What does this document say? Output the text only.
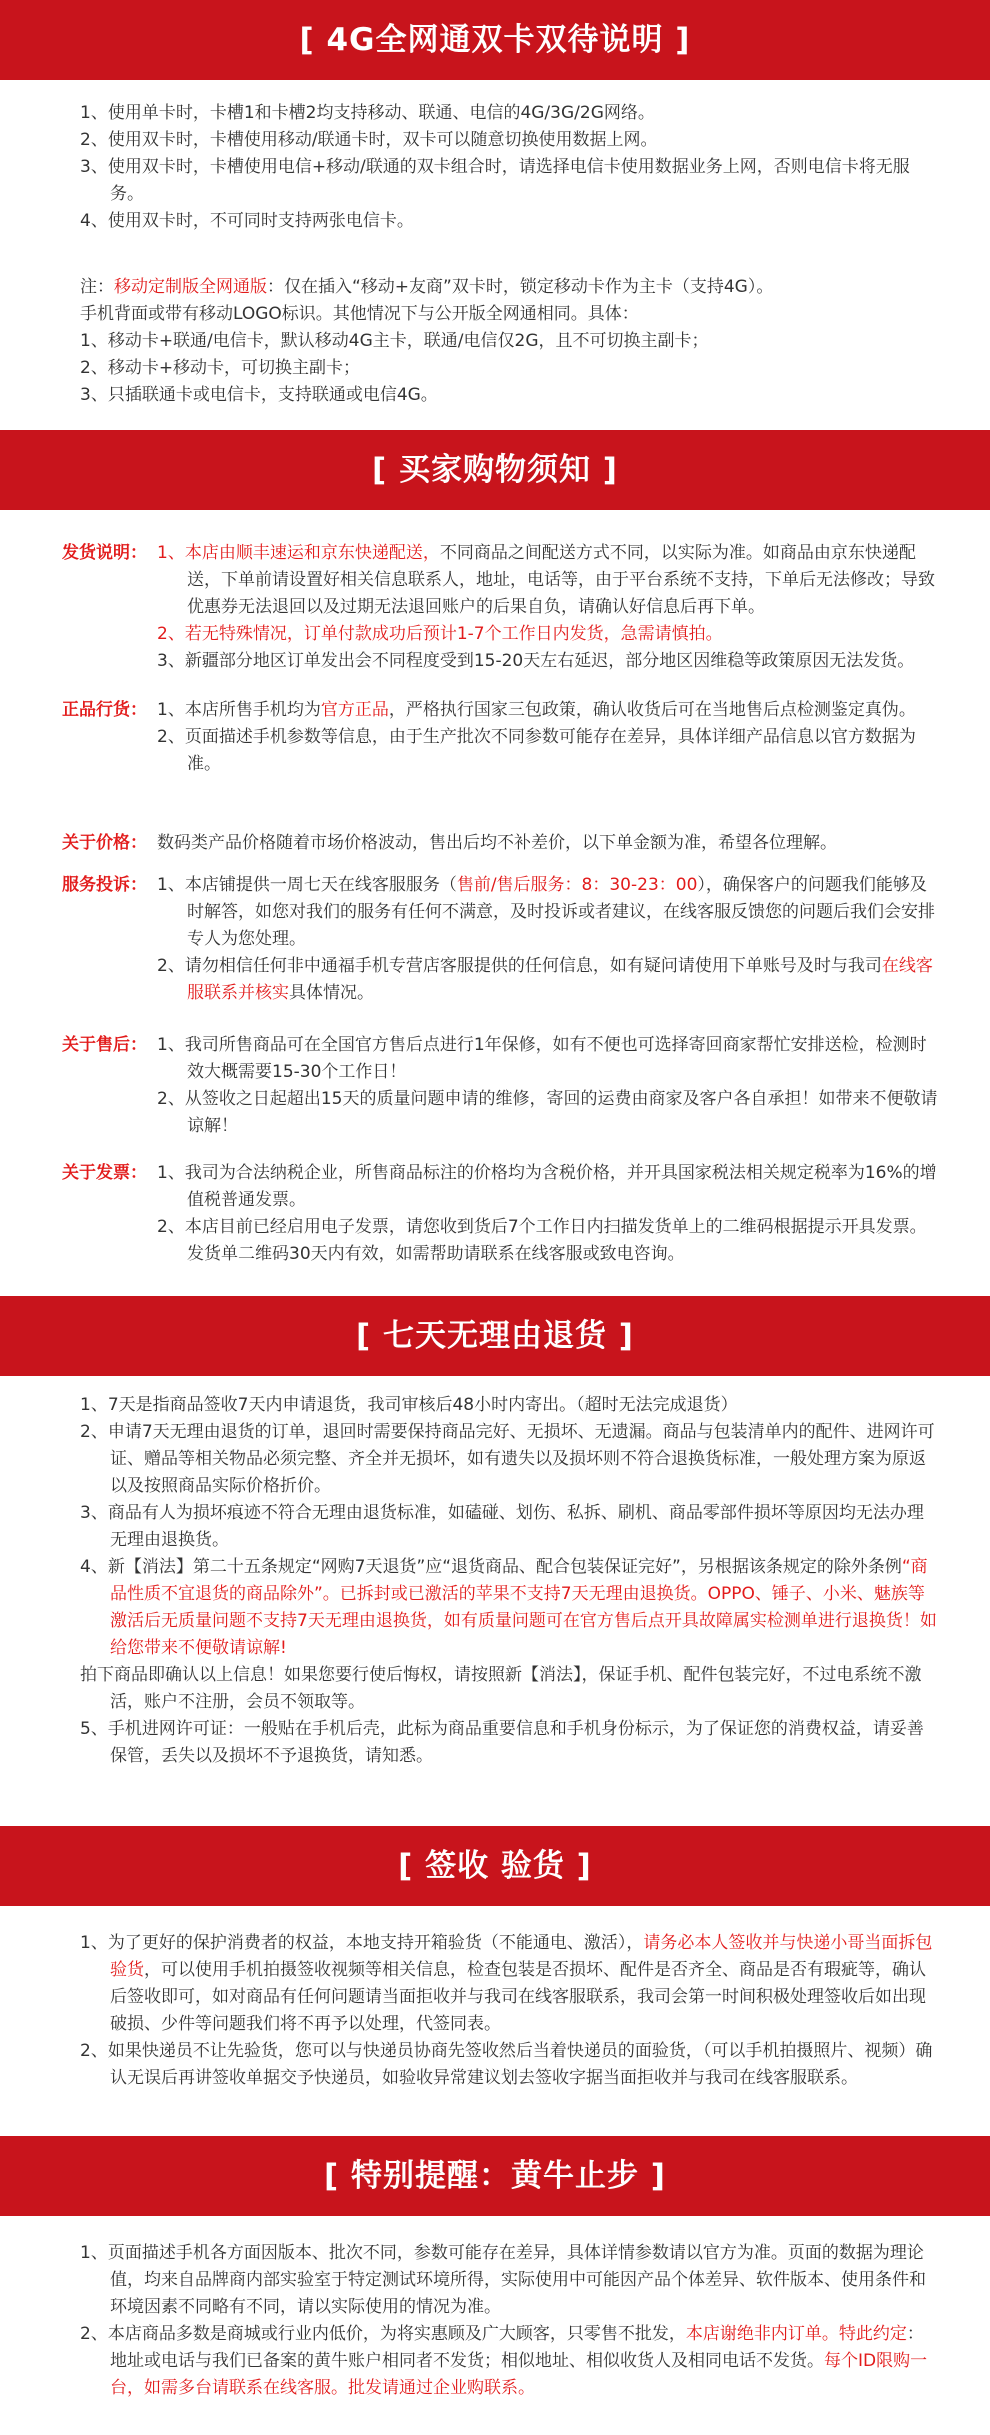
[ 4G全网通双卡双待说明 ]
1、使用单卡时，卡槽1和卡槽2均支持移动、联通、电信的4G/3G/2G网络。
2、使用双卡时，卡槽使用移动/联通卡时，双卡可以随意切换使用数据上网。
3、使用双卡时，卡槽使用电信+移动/联通的双卡组合时，请选择电信卡使用数据业务上网，否则电信卡将无服务。
4、使用双卡时，不可同时支持两张电信卡。
注：移动定制版全网通版：仅在插入“移动+友商”双卡时，锁定移动卡作为主卡（支持4G）。
手机背面或带有移动LOGO标识。其他情况下与公开版全网通相同。具体：
1、移动卡+联通/电信卡，默认移动4G主卡，联通/电信仅2G，且不可切换主副卡；
2、移动卡+移动卡，可切换主副卡；
3、只插联通卡或电信卡，支持联通或电信4G。
[ 买家购物须知 ]
发货说明： 1、本店由顺丰速运和京东快递配送，不同商品之间配送方式不同，以实际为准。如商品由京东快递配送，下单前请设置好相关信息联系人，地址，电话等，由于平台系统不支持，下单后无法修改；导致优惠券无法退回以及过期无法退回账户的后果自负，请确认好信息后再下单。
2、若无特殊情况，订单付款成功后预计1-7个工作日内发货，急需请慎拍。
3、新疆部分地区订单发出会不同程度受到15-20天左右延迟，部分地区因维稳等政策原因无法发货。
正品行货： 1、本店所售手机均为官方正品，严格执行国家三包政策，确认收货后可在当地售后点检测鉴定真伪。
2、页面描述手机参数等信息，由于生产批次不同参数可能存在差异，具体详细产品信息以官方数据为准。
关于价格： 数码类产品价格随着市场价格波动，售出后均不补差价，以下单金额为准，希望各位理解。
服务投诉： 1、本店铺提供一周七天在线客服服务（售前/售后服务：8：30-23：00），确保客户的问题我们能够及时解答，如您对我们的服务有任何不满意，及时投诉或者建议，在线客服反馈您的问题后我们会安排专人为您处理。
2、请勿相信任何非中通福手机专营店客服提供的任何信息，如有疑问请使用下单账号及时与我司在线客服联系并核实具体情况。
关于售后： 1、我司所售商品可在全国官方售后点进行1年保修，如有不便也可选择寄回商家帮忙安排送检，检测时效大概需要15-30个工作日！
2、从签收之日起超出15天的质量问题申请的维修，寄回的运费由商家及客户各自承担！如带来不便敬请谅解！
关于发票： 1、我司为合法纳税企业，所售商品标注的价格均为含税价格，并开具国家税法相关规定税率为16%的增值税普通发票。
2、本店目前已经启用电子发票，请您收到货后7个工作日内扫描发货单上的二维码根据提示开具发票。发货单二维码30天内有效，如需帮助请联系在线客服或致电咨询。
[ 七天无理由退货 ]
1、7天是指商品签收7天内申请退货，我司审核后48小时内寄出。（超时无法完成退货）
2、申请7天无理由退货的订单，退回时需要保持商品完好、无损坏、无遗漏。商品与包装清单内的配件、进网许可证、赠品等相关物品必须完整、齐全并无损坏，如有遗失以及损坏则不符合退换货标准，一般处理方案为原返以及按照商品实际价格折价。
3、商品有人为损坏痕迹不符合无理由退货标准，如磕碰、划伤、私拆、刷机、商品零部件损坏等原因均无法办理无理由退换货。
4、新【消法】第二十五条规定“网购7天退货”应“退货商品、配合包装保证完好”，另根据该条规定的除外条例“商品性质不宜退货的商品除外”。已拆封或已激活的苹果不支持7天无理由退换货。OPPO、锤子、小米、魅族等激活后无质量问题不支持7天无理由退换货，如有质量问题可在官方售后点开具故障属实检测单进行退换货！如给您带来不便敬请谅解!
拍下商品即确认以上信息！如果您要行使后悔权，请按照新【消法】，保证手机、配件包装完好，不过电系统不激活，账户不注册，会员不领取等。
5、手机进网许可证：一般贴在手机后壳，此标为商品重要信息和手机身份标示，为了保证您的消费权益，请妥善保管，丢失以及损坏不予退换货，请知悉。
[ 签收 验货 ]
1、为了更好的保护消费者的权益，本地支持开箱验货（不能通电、激活），请务必本人签收并与快递小哥当面拆包验货，可以使用手机拍摄签收视频等相关信息，检查包装是否损坏、配件是否齐全、商品是否有瑕疵等，确认后签收即可，如对商品有任何问题请当面拒收并与我司在线客服联系，我司会第一时间积极处理签收后如出现破损、少件等问题我们将不再予以处理，代签同表。
2、如果快递员不让先验货，您可以与快递员协商先签收然后当着快递员的面验货，（可以手机拍摄照片、视频）确认无误后再讲签收单据交予快递员，如验收异常建议划去签收字据当面拒收并与我司在线客服联系。
[ 特别提醒：黄牛止步 ]
1、页面描述手机各方面因版本、批次不同，参数可能存在差异，具体详情参数请以官方为准。页面的数据为理论值，均来自品牌商内部实验室于特定测试环境所得，实际使用中可能因产品个体差异、软件版本、使用条件和环境因素不同略有不同，请以实际使用的情况为准。
2、本店商品多数是商城或行业内低价，为将实惠顾及广大顾客，只零售不批发，本店谢绝非内订单。特此约定：地址或电话与我们已备案的黄牛账户相同者不发货；相似地址、相似收货人及相同电话不发货。每个ID限购一台，如需多台请联系在线客服。批发请通过企业购联系。
